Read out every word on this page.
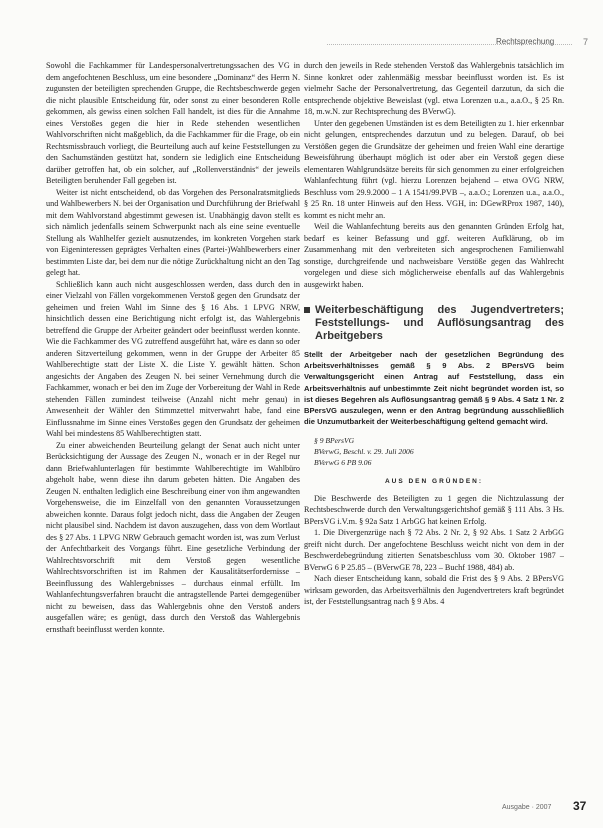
Rechtsprechung	7

Sowohl die Fachkammer für Landespersonalvertretungssachen des VG in dem angefochtenen Beschluss, um eine besondere „Dominanz“ des Herrn N. zugunsten der beteiligten sprechenden Gruppe, die Rechtsbeschwerde gegen die nicht plausible Entscheidung für, oder sonst zu einer besonderen Rolle gekommen, als gewiss einen solchen Fall handelt, ist dies für die Annahme eines Verstoßes gegen die hier in Rede stehenden wesentlichen Wahlvorschriften nicht maßgeblich, da die Fachkammer für die Frage, ob ein Rechtsmissbrauch vorliegt, die Beurteilung auch auf keine Feststellungen zu den Sachumständen gestützt hat, sondern sie lediglich eine Entscheidung darüber getroffen hat, ob ein solcher, auf „Rollenverständnis“ der jeweils Beteiligten beruhender Fall gegeben ist.

Weiter ist nicht entscheidend, ob das Vorgehen des Personalratsmitglieds und Wahlbewerbers N. bei der Organisation und Durchführung der Briefwahl mit dem Wahlvorstand abgestimmt gewesen ist. Unabhängig davon stellt es sich nämlich jedenfalls seinem Schwerpunkt nach als eine seine eventuelle Stellung als Wahlhelfer gezielt ausnutzendes, im konkreten Vorgehen stark von Eigeninteressen geprägtes Verhalten eines (Partei-)Wahlbewerbers einer bestimmten Liste dar, bei dem nur die nötige Zurückhaltung nicht an den Tag gelegt hat.

Schließlich kann auch nicht ausgeschlossen werden, dass durch den in einer Vielzahl von Fällen vorgekommenen Verstoß gegen den Grundsatz der geheimen und freien Wahl im Sinne des § 16 Abs. 1 LPVG NRW, hinsichtlich dessen eine Berichtigung nicht erfolgt ist, das Wahlergebnis betreffend die Gruppe der Arbeiter geändert oder beeinflusst werden konnte. Wie die Fachkammer des VG zutreffend ausgeführt hat, wäre es dann so oder anderen Sitzverteilung gekommen, wenn in der Gruppe der Arbeiter 85 Wahlberechtigte statt der Liste X. die Liste Y. gewählt hätten. Schon angesichts der Angaben des Zeugen N. bei seiner Vernehmung durch die Fachkammer, wonach er bei den im Zuge der Vorbereitung der Wahl in Rede stehenden Fällen zumindest teilweise (Anzahl nicht mehr genau) in Anwesenheit der Wähler den Stimmzettel mitverwahrt habe, fand eine Einflussnahme im Sinne eines Verstoßes gegen den Grundsatz der geheimen Wahl bei mindestens 85 Wahlberechtigten statt.

Zu einer abweichenden Beurteilung gelangt der Senat auch nicht unter Berücksichtigung der Aussage des Zeugen N., wonach er in der Regel nur dann Briefwahlunterlagen für bestimmte Wahlberechtigte im Wahlbüro abgeholt habe, wenn diese ihn darum gebeten hätten. Die Angaben des Zeugen N. enthalten lediglich eine Beschreibung einer von ihm angewandten Vorgehensweise, die im Einzelfall von den genannten Voraussetzungen abweichen konnte. Daraus folgt jedoch nicht, dass die Angaben der Zeugen nicht plausibel sind. Nachdem ist davon auszugehen, dass von dem Wortlaut des § 27 Abs. 1 LPVG NRW Gebrauch gemacht worden ist, was zum Verlust der Anfechtbarkeit des Vorgangs führt. Eine gesetzliche Verbindung der Wahlrechtsvorschrift mit dem Verstoß gegen wesentliche Wahlrechtsvorschriften ist im Rahmen der Kausalitätserfordernisse – Beeinflussung des Wahlergebnisses – durchaus einmal erfüllt. Im Wahlanfechtungsverfahren braucht die antragstellende Partei demgegenüber nicht zu beweisen, dass das Wahlergebnis ohne den Verstoß anders ausgefallen wäre; es genügt, dass durch den Verstoß das Wahlergebnis ernsthaft beeinflusst werden konnte.

durch den jeweils in Rede stehenden Verstoß das Wahlergebnis tatsächlich im Sinne konkret oder zahlenmäßig messbar beeinflusst worden ist. Es ist vielmehr Sache der Personalvertretung, das Gegenteil darzutun, da sich die entsprechende objektive Beweislast (vgl. etwa Lorenzen u.a., a.a.O., § 25 Rn. 18, m.w.N. zur Rechtsprechung des BVerwG).

Unter den gegebenen Umständen ist es dem Beteiligten zu 1. hier erkennbar nicht gelungen, entsprechendes darzutun und zu belegen. Darauf, ob bei Verstößen gegen die Grundsätze der geheimen und freien Wahl eine derartige Beweisführung überhaupt möglich ist oder aber ein Verstoß gegen diese elementaren Wahlgrundsätze bereits für sich genommen zu einer erfolgreichen Wahlanfechtung führt (vgl. hierzu Lorenzen bejahend – etwa OVG NRW, Beschluss vom 29.9.2000 – 1 A 1541/99.PVB –, a.a.O.; Lorenzen u.a., a.a.O., § 25 Rn. 18 unter Hinweis auf den Hess. VGH, in: DGewRProx 1987, 140), kommt es nicht mehr an.

Weil die Wahlanfechtung bereits aus den genannten Gründen Erfolg hat, bedarf es keiner Befassung und ggf. weiteren Aufklärung, ob im Zusammenhang mit den verbreiteten sich angesprochenen Familienwahl sonstige, durchgreifende und nachweisbare Verstöße gegen das Wahlrecht vorgelegen und diese sich möglicherweise ebenfalls auf das Wahlergebnis ausgewirkt haben.

Weiterbeschäftigung des Jugendvertreters; Feststellungs- und Auflösungsantrag des Arbeitgebers
Stellt der Arbeitgeber nach der gesetzlichen Begründung des Arbeitsverhältnisses gemäß § 9 Abs. 2 BPersVG beim Verwaltungsgericht einen Antrag auf Feststellung, dass ein Arbeitsverhältnis auf unbestimmte Zeit nicht begründet worden ist, so ist dieses Begehren als Auflösungsantrag gemäß § 9 Abs. 4 Satz 1 Nr. 2 BPersVG auszulegen, wenn er den Antrag begründung ausschließlich die Unzumutbarkeit der Weiterbeschäftigung geltend gemacht wird.

§ 9 BPersVG

BVerwG, Beschl. v. 29. Juli 2006

BVerwG 6 PB 9.06

AUS DEN GRÜNDEN:

Die Beschwerde des Beteiligten zu 1 gegen die Nichtzulassung der Rechtsbeschwerde durch den Verwaltungsgerichtshof gemäß § 111 Abs. 3 Hs. BPersVG i.V.m. § 92a Satz 1 ArbGG hat keinen Erfolg.

1. Die Divergenzrüge nach § 72 Abs. 2 Nr. 2, § 92 Abs. 1 Satz 2 ArbGG greift nicht durch. Der angefochtene Beschluss weicht nicht von dem in der Beschwerdebegründung zitierten Senatsbeschluss vom 30. Oktober 1987 – BVerwG 6 P 25.85 – (BVerwGE 78, 223 – Buchf 1988, 484) ab.

Nach dieser Entscheidung kann, sobald die Frist des § 9 Abs. 2 BPersVG wirksam geworden, das Arbeitsverhältnis den Jugendvertreters kraft begründet ist, der Feststellungsantrag nach § 9 Abs. 4

Ausgabe · 2007 37
